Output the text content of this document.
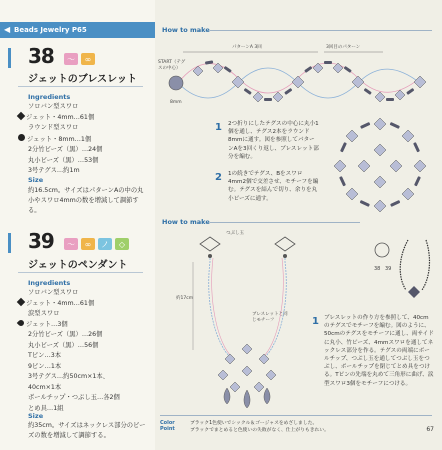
◀ Beads Jewelry P65
38	〜	∞
ジェットのブレスレット
Ingredients
ソロバン型スワロ
ジェット・4mm…61個
ラウンド型スワロ
ジェット・8mm…1個
2分竹ビーズ（黒）…24個
丸小ビーズ（黒）…53個
3号テグス…約1m
Size
約16.5cm。サイズはパターンAの中の丸小やスワロ4mmの数を増減して調節する。
39	〜	∞	ノ	◇
ジェットのペンダント
Ingredients
ソロバン型スワロ
ジェット・4mm…61個
涙型スワロ
ジェット…3個
2分竹ビーズ（黒）…26個
丸小ビーズ（黒）…56個
Tピン…3本
9ピン…1本
3号テグス…約50cm×1本、
40cm×1本
ボールチップ・つぶし玉…各2個
とめ具…1組
Size
約35cm。サイズはネックレス部分のビーズの数を増減して調節する。
How to make
パターンA 3回	3回目のパターン
START（テグスの中心）
8mm
1 2つ折りにしたテグスの中心に丸小1個を通し、テグス2本をラウンド8mmに通す。図を参照してパターンAを3回くり返し、ブレスレット部分を編む。
2 1の続きでテグス、Bをスワロ4mm2個で交差させ、モチーフを編む。テグスを結んで切り、余りを丸小ビーズに通す。
How to make
つぶし玉
約17cm
ブレスレットと同じモチーフ
38 39
1 ブレスレットの作り方を参照して、40cmのテグスでモチーフを編む。図のように、50cmのテグスをモチーフに通し、両サイドに丸小、竹ビーズ、4mmスワロを通してネックレス部分を作る。テグスの両端にボールチップ、つぶし玉を通してつぶし玉をつぶし、ボールチップを閉じてとめ具をつける。Tピンの先端を丸めて三角形に曲げ、涙型スワロ3個をモチーフにつける。
Color
Point
ブラック1色使いでシックル＆ゴージャスをめざしました。
ブラックでまとめると色使いの失敗がなく、仕上がりもきれい。	67
